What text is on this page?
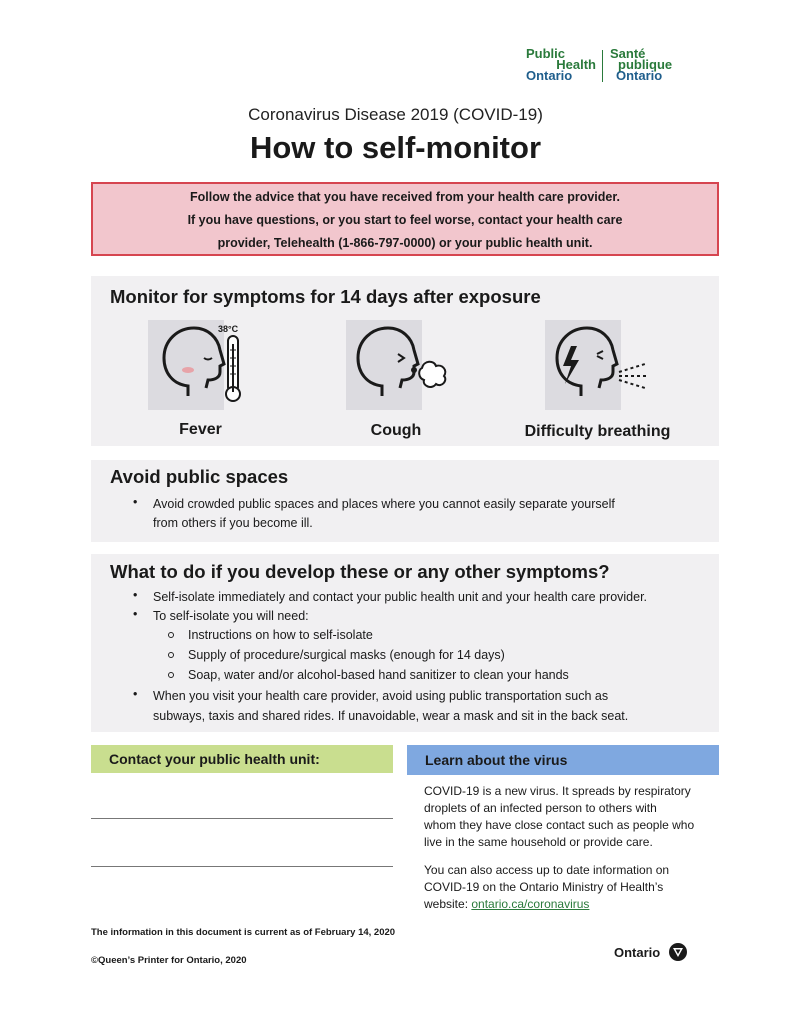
Public
Health
Ontario
Santé
publique
Ontario
Coronavirus Disease 2019 (COVID-19)
How to self-monitor
Follow the advice that you have received from your health care provider.
If you have questions, or you start to feel worse, contact your health care
provider, Telehealth (1-866-797-0000) or your public health unit.
Monitor for symptoms for 14 days after exposure
38°C
Fever	Cough	Difficulty breathing
Avoid public spaces
• Avoid crowded public spaces and places where you cannot easily separate yourself
from others if you become ill.
What to do if you develop these or any other symptoms?
• Self-isolate immediately and contact your public health unit and your health care provider.
• To self-isolate you will need:
Instructions on how to self-isolate
Supply of procedure/surgical masks (enough for 14 days)
Soap, water and/or alcohol-based hand sanitizer to clean your hands
• When you visit your health care provider, avoid using public transportation such as
subways, taxis and shared rides. If unavoidable, wear a mask and sit in the back seat.
Contact your public health unit:	Learn about the virus
COVID-19 is a new virus. It spreads by respiratory
droplets of an infected person to others with
whom they have close contact such as people who
live in the same household or provide care.
You can also access up to date information on
COVID-19 on the Ontario Ministry of Health’s
website: ontario.ca/coronavirus
The information in this document is current as of February 14, 2020
©Queen’s Printer for Ontario, 2020
Ontario
